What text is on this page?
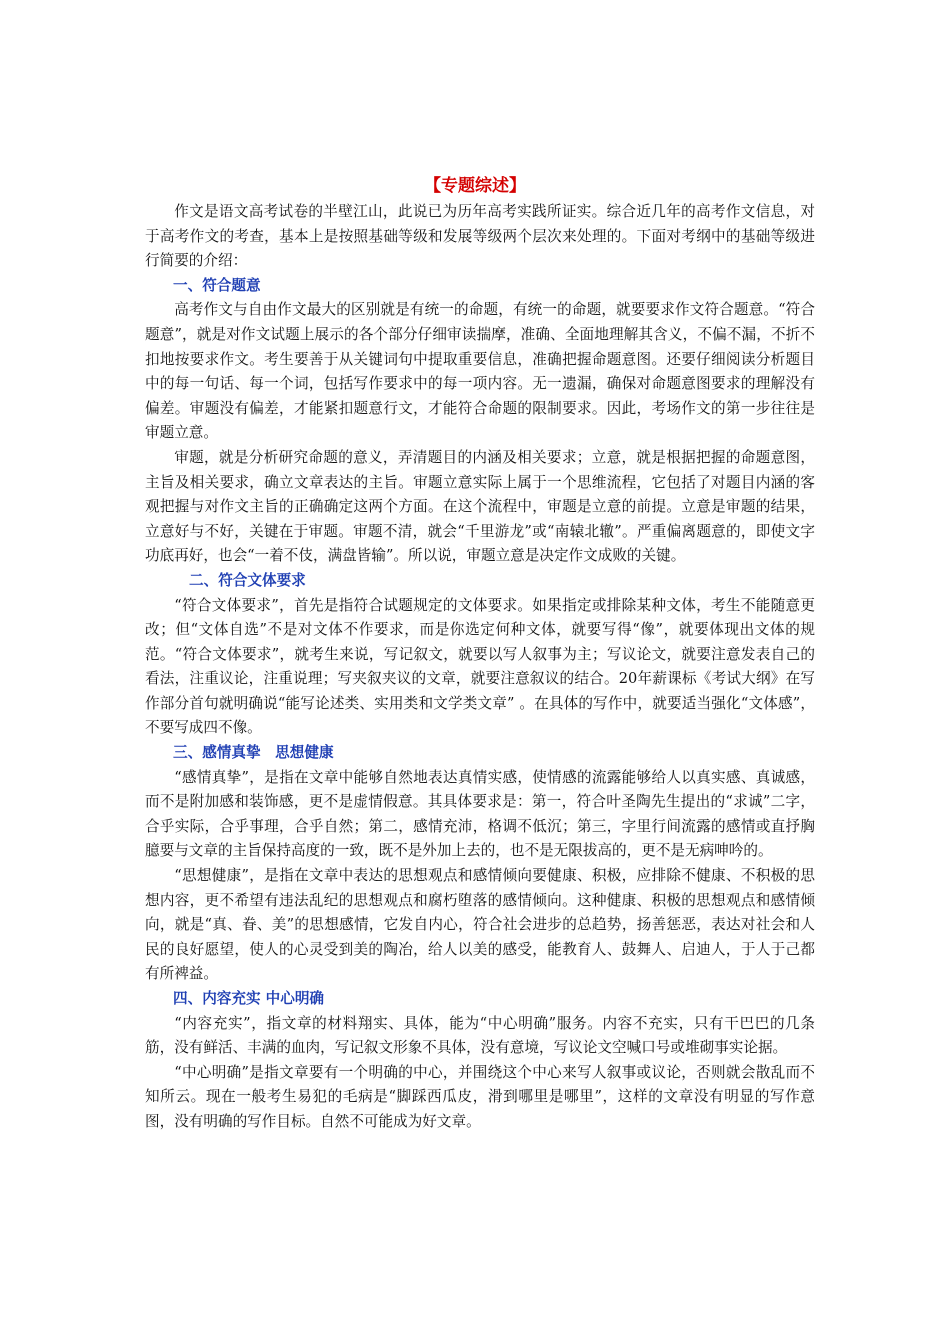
【专题综述】

作文是语文高考试卷的半壁江山，此说已为历年高考实践所证实。综合近几年的高考作文信息，对于高考作文的考查，基本上是按照基础等级和发展等级两个层次来处理的。下面对考纲中的基础等级进行简要的介绍：

一、符合题意

高考作文与自由作文最大的区别就是有统一的命题，有统一的命题，就要要求作文符合题意。“符合题意”，就是对作文试题上展示的各个部分仔细审读揣摩，准确、全面地理解其含义，不偏不漏，不折不扣地按要求作文。考生要善于从关键词句中提取重要信息，准确把握命题意图。还要仔细阅读分析题目中的每一句话、每一个词，包括写作要求中的每一项内容。无一遗漏，确保对命题意图要求的理解没有偏差。审题没有偏差，才能紧扣题意行文，才能符合命题的限制要求。因此，考场作文的第一步往往是审题立意。

审题，就是分析研究命题的意义，弄清题目的内涵及相关要求；立意，就是根据把握的命题意图，主旨及相关要求，确立文章表达的主旨。审题立意实际上属于一个思维流程，它包括了对题目内涵的客观把握与对作文主旨的正确确定这两个方面。在这个流程中，审题是立意的前提。立意是审题的结果，立意好与不好，关键在于审题。审题不清，就会“千里游龙”或“南辕北辙”。严重偏离题意的，即使文字功底再好，也会“一着不伎，满盘皆输”。所以说，审题立意是决定作文成败的关键。

二、符合文体要求

“符合文体要求”，首先是指符合试题规定的文体要求。如果指定或排除某种文体，考生不能随意更改；但“文体自选”不是对文体不作要求，而是你选定何种文体，就要写得“像”，就要体现出文体的规范。“符合文体要求”，就考生来说，写记叙文，就要以写人叙事为主；写议论文，就要注意发表自己的看法，注重议论，注重说理；写夹叙夹议的文章，就要注意叙议的结合。20年薪课标《考试大纲》在写作部分首句就明确说“能写论述类、实用类和文学类文章” 。在具体的写作中，就要适当强化“文体感”，不要写成四不像。

三、感情真挚　思想健康

“感情真挚”，是指在文章中能够自然地表达真情实感，使情感的流露能够给人以真实感、真诚感，而不是附加感和装饰感，更不是虚情假意。其具体要求是：第一，符合叶圣陶先生提出的“求诚”二字，合乎实际，合乎事理，合乎自然；第二，感情充沛，格调不低沉；第三，字里行间流露的感情或直抒胸臆要与文章的主旨保持高度的一致，既不是外加上去的，也不是无限拔高的，更不是无病呻吟的。

“思想健康”，是指在文章中表达的思想观点和感情倾向要健康、积极，应排除不健康、不积极的思想内容，更不希望有违法乱纪的思想观点和腐朽堕落的感情倾向。这种健康、积极的思想观点和感情倾向，就是“真、眷、美”的思想感情，它发自内心，符合社会进步的总趋势，扬善惩恶，表达对社会和人民的良好愿望，使人的心灵受到美的陶冶，给人以美的感受，能教育人、鼓舞人、启迪人，于人于己都有所裨益。

四、内容充实 中心明确

“内容充实”，指文章的材料翔实、具体，能为“中心明确”服务。内容不充实，只有干巴巴的几条筋，没有鲜活、丰满的血肉，写记叙文形象不具体，没有意境，写议论文空喊口号或堆砌事实论据。

“中心明确”是指文章要有一个明确的中心，并围绕这个中心来写人叙事或议论，否则就会散乱而不知所云。现在一般考生易犯的毛病是“脚踩西瓜皮，滑到哪里是哪里”，这样的文章没有明显的写作意图，没有明确的写作目标。自然不可能成为好文章。
